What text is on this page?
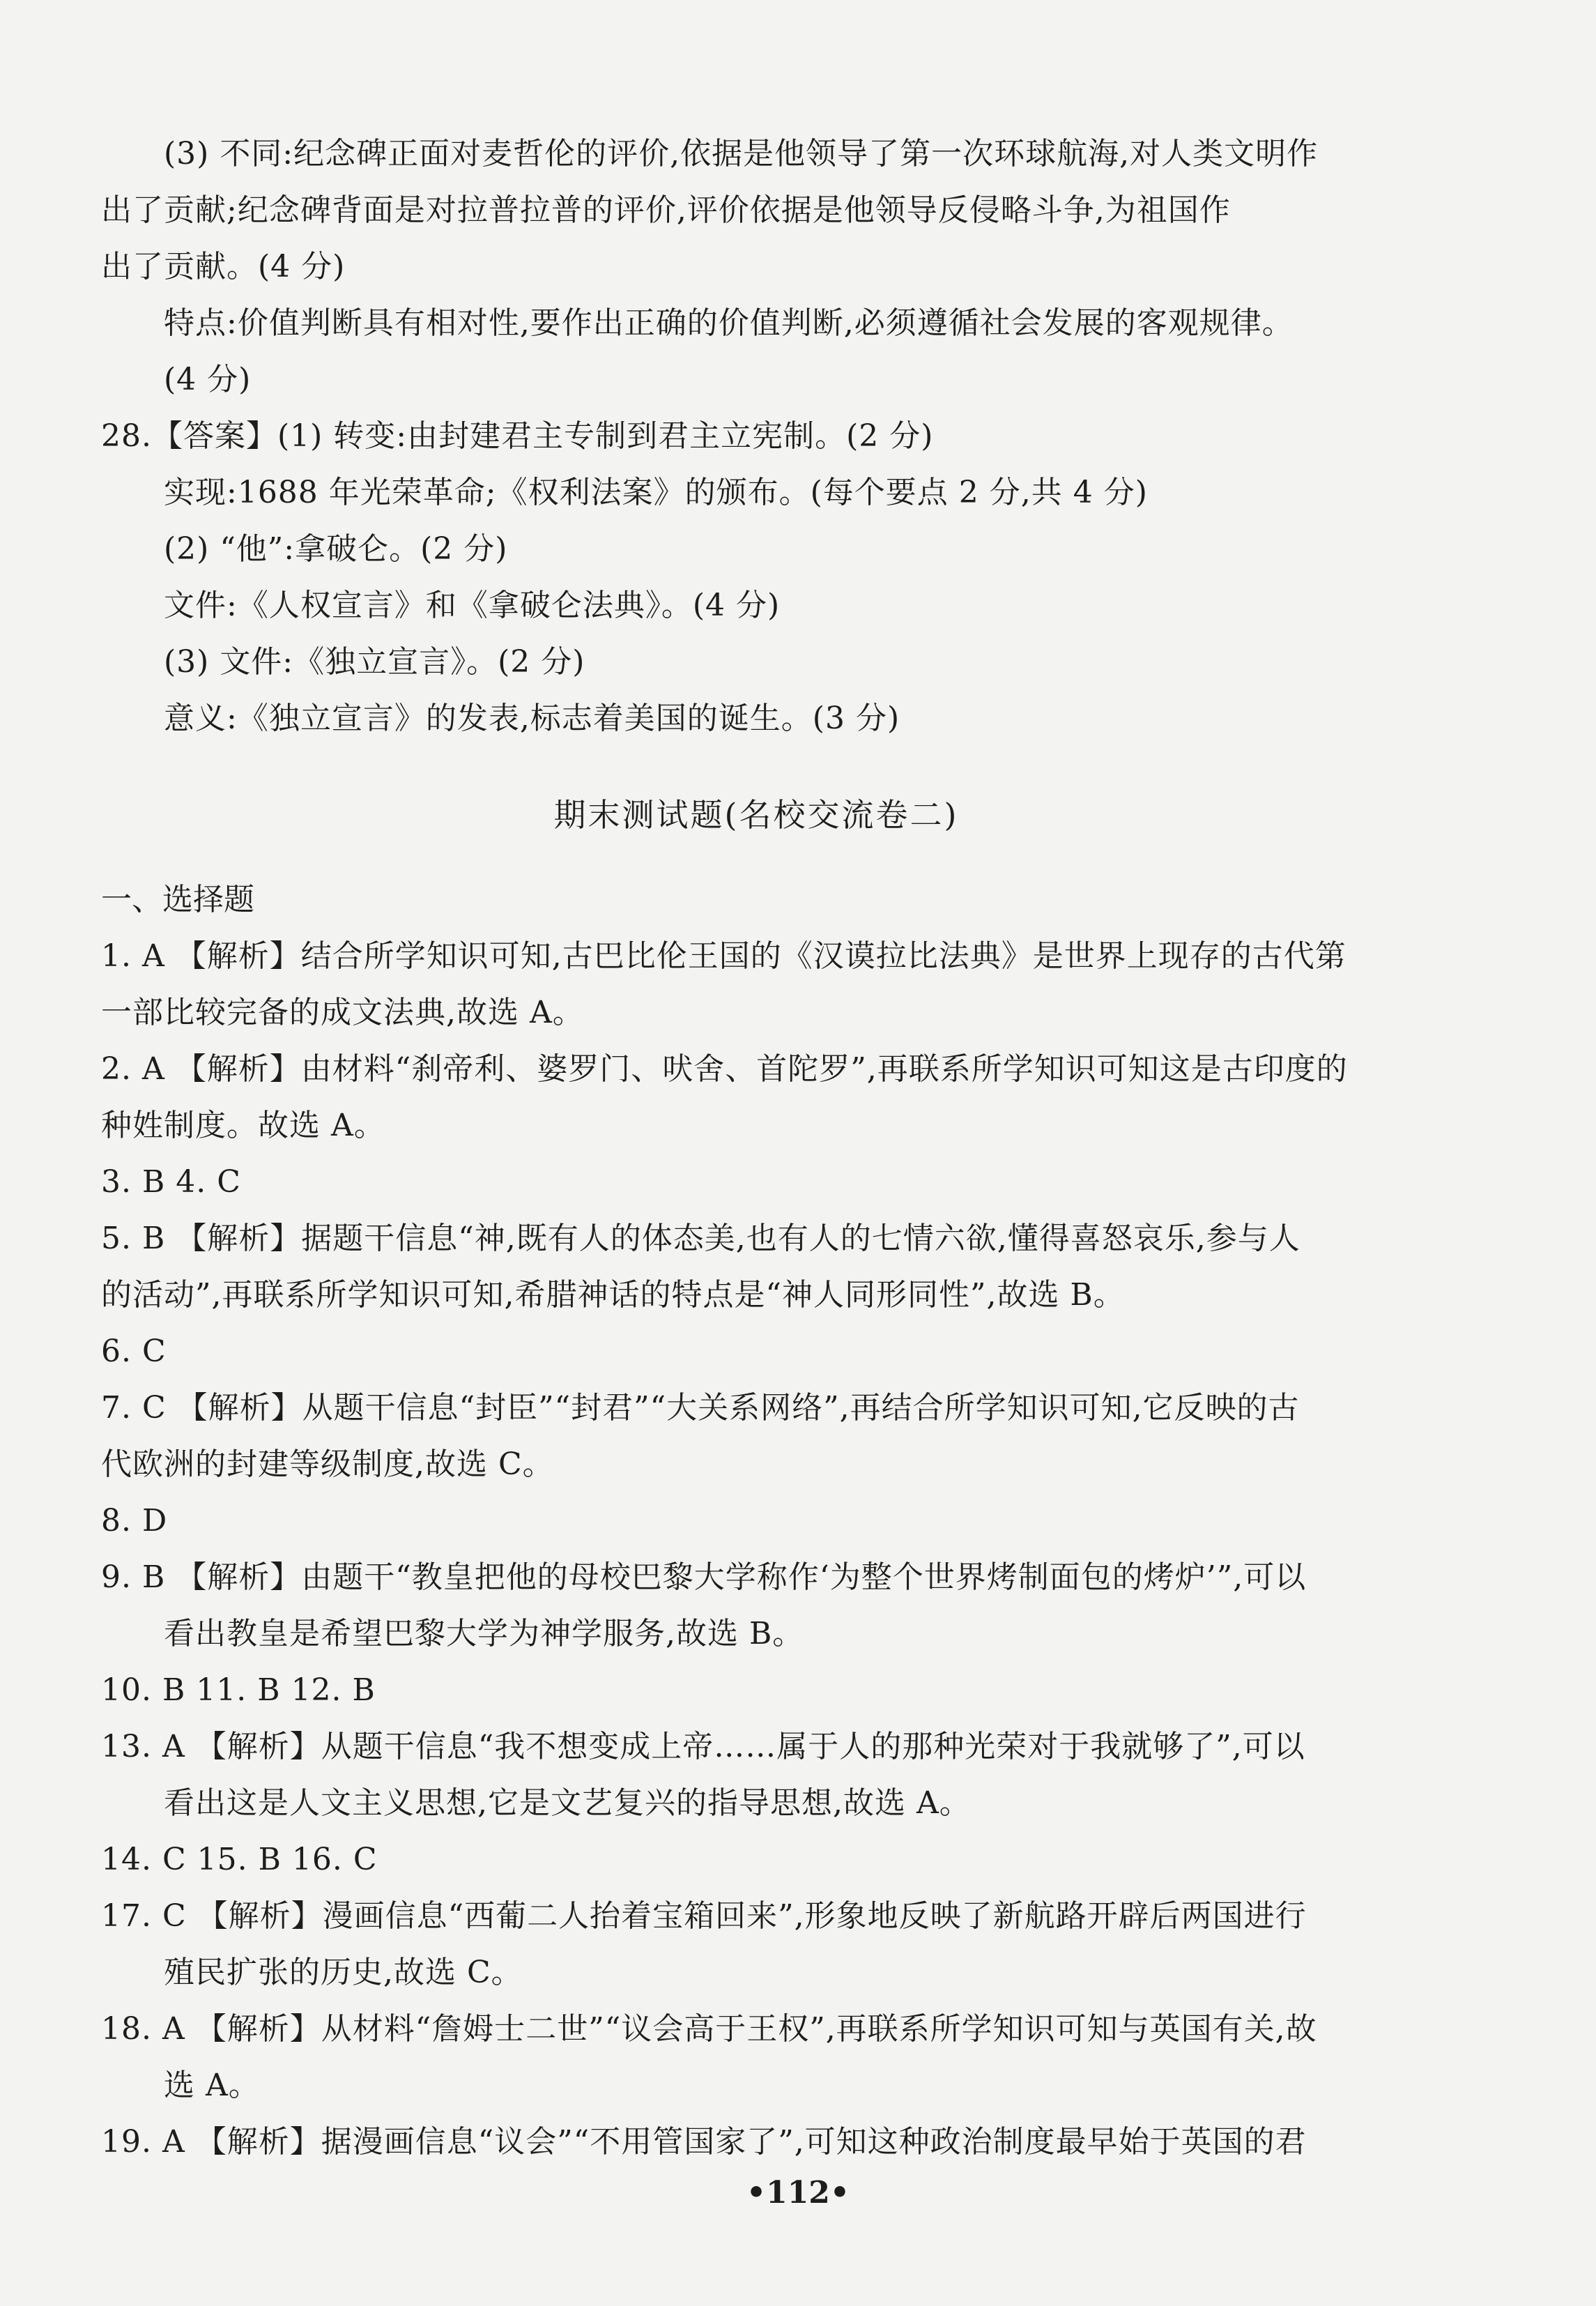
(3) 不同:纪念碑正面对麦哲伦的评价,依据是他领导了第一次环球航海,对人类文明作
出了贡献;纪念碑背面是对拉普拉普的评价,评价依据是他领导反侵略斗争,为祖国作
出了贡献。(4 分)
特点:价值判断具有相对性,要作出正确的价值判断,必须遵循社会发展的客观规律。
(4 分)
28.【答案】(1) 转变:由封建君主专制到君主立宪制。(2 分)
实现:1688 年光荣革命;《权利法案》的颁布。(每个要点 2 分,共 4 分)
(2) “他”:拿破仑。(2 分)
文件:《人权宣言》和《拿破仑法典》。(4 分)
(3) 文件:《独立宣言》。(2 分)
意义:《独立宣言》的发表,标志着美国的诞生。(3 分)
期末测试题(名校交流卷二)
一、选择题
1. A 【解析】结合所学知识可知,古巴比伦王国的《汉谟拉比法典》是世界上现存的古代第
一部比较完备的成文法典,故选 A。
2. A 【解析】由材料“刹帝利、婆罗门、吠舍、首陀罗”,再联系所学知识可知这是古印度的
种姓制度。故选 A。
3. B 4. C
5. B 【解析】据题干信息“神,既有人的体态美,也有人的七情六欲,懂得喜怒哀乐,参与人
的活动”,再联系所学知识可知,希腊神话的特点是“神人同形同性”,故选 B。
6. C
7. C 【解析】从题干信息“封臣”“封君”“大关系网络”,再结合所学知识可知,它反映的古
代欧洲的封建等级制度,故选 C。
8. D
9. B 【解析】由题干“教皇把他的母校巴黎大学称作‘为整个世界烤制面包的烤炉’”,可以
看出教皇是希望巴黎大学为神学服务,故选 B。
10. B 11. B 12. B
13. A 【解析】从题干信息“我不想变成上帝……属于人的那种光荣对于我就够了”,可以
看出这是人文主义思想,它是文艺复兴的指导思想,故选 A。
14. C 15. B 16. C
17. C 【解析】漫画信息“西葡二人抬着宝箱回来”,形象地反映了新航路开辟后两国进行
殖民扩张的历史,故选 C。
18. A 【解析】从材料“詹姆士二世”“议会高于王权”,再联系所学知识可知与英国有关,故
选 A。
19. A 【解析】据漫画信息“议会”“不用管国家了”,可知这种政治制度最早始于英国的君
•112•
